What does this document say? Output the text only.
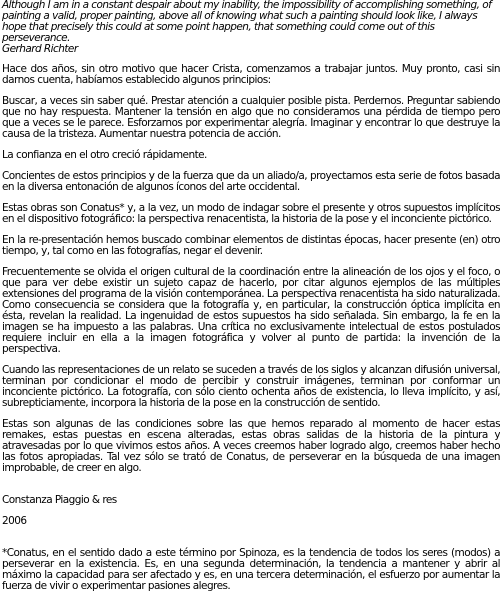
Although I am in a constant despair about my inability, the impossibility of accomplishing something, of painting a valid, proper painting, above all of knowing what such a painting should look like, I always hope that precisely this could at some point happen, that something could come out of this perseverance.
Gerhard Richter

Hace dos años, sin otro motivo que hacer Crista, comenzamos a trabajar juntos. Muy pronto, casi sin darnos cuenta, habíamos establecido algunos principios:

Buscar, a veces sin saber qué. Prestar atención a cualquier posible pista. Perdernos. Preguntar sabiendo que no hay respuesta. Mantener la tensión en algo que no consideramos una pérdida de tiempo pero que a veces se le parece. Esforzarnos por experimentar alegría. Imaginar y encontrar lo que destruye la causa de la tristeza. Aumentar nuestra potencia de acción.

La confianza en el otro creció rápidamente.

Concientes de estos principios y de la fuerza que da un aliado/a, proyectamos esta serie de fotos basada en la diversa entonación de algunos íconos del arte occidental.

Estas obras son Conatus* y, a la vez, un modo de indagar sobre el presente y otros supuestos implícitos en el dispositivo fotográfico: la perspectiva renacentista, la historia de la pose y el inconciente pictórico.

En la re-presentación hemos buscado combinar elementos de distintas épocas, hacer presente (en) otro tiempo, y, tal como en las fotografías, negar el devenir.

Frecuentemente se olvida el origen cultural de la coordinación entre la alineación de los ojos y el foco, o que para ver debe existir un sujeto capaz de hacerlo, por citar algunos ejemplos de las múltiples extensiones del programa de la visión contemporánea. La perspectiva renacentista ha sido naturalizada. Como consecuencia se considera que la fotografía y, en particular, la construcción óptica implícita en ésta, revelan la realidad. La ingenuidad de estos supuestos ha sido señalada. Sin embargo, la fe en la imagen se ha impuesto a las palabras. Una crítica no exclusivamente intelectual de estos postulados requiere incluir en ella a la imagen fotográfica y volver al punto de partida: la invención de la perspectiva.

Cuando las representaciones de un relato se suceden a través de los siglos y alcanzan difusión universal, terminan por condicionar el modo de percibir y construir imágenes, terminan por conformar un inconciente pictórico. La fotografía, con sólo ciento ochenta años de existencia, lo lleva implícito, y así, subrepticiamente, incorpora la historia de la pose en la construcción de sentido.

Estas son algunas de las condiciones sobre las que hemos reparado al momento de hacer estas remakes, estas puestas en escena alteradas, estas obras salidas de la historia de la pintura y atravesadas por lo que vivimos estos años. A veces creemos haber logrado algo, creemos haber hecho las fotos apropiadas. Tal vez sólo se trató de Conatus, de perseverar en la búsqueda de una imagen improbable, de creer en algo.

Constanza Piaggio & res

2006

*Conatus, en el sentido dado a este término por Spinoza, es la tendencia de todos los seres (modos) a perseverar en la existencia. Es, en una segunda determinación, la tendencia a mantener y abrir al máximo la capacidad para ser afectado y es, en una tercera determinación, el esfuerzo por aumentar la fuerza de vivir o experimentar pasiones alegres.
